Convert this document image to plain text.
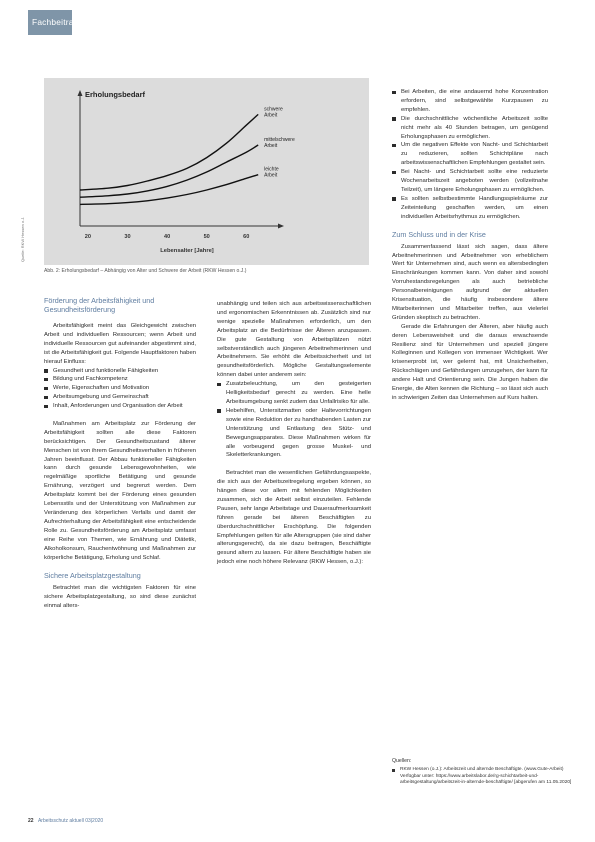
Fachbeitrag
Erholungsbedarf
20	30	40	50	60
Lebensalter [Jahre]
schwere Arbeit
mittelschwere Arbeit
leichte Arbeit
Quelle: RKW Hessen o.J.
Abb. 2: Erholungsbedarf – Abhängig von Alter und Schwere der Arbeit (RKW Hessen o.J.)
Förderung der Arbeitsfähigkeit und Gesundheitsförderung

Arbeitsfähigkeit meint das Gleichgewicht zwischen Arbeit und individuellen Ressourcen; wenn Arbeit und individuelle Ressourcen gut aufeinander abgestimmt sind, ist die Arbeitsfähigkeit gut. Folgende Hauptfaktoren haben hierauf Einfluss:

Gesundheit und funktionelle Fähigkeiten
Bildung und Fachkompetenz
Werte, Eigenschaften und Motivation
Arbeitsumgebung und Gemeinschaft
Inhalt, Anforderungen und Organisation der Arbeit

Maßnahmen am Arbeitsplatz zur Förderung der Arbeitsfähigkeit sollten alle diese Faktoren berücksichtigen. Der Gesundheitszustand älterer Menschen ist von ihrem Gesundheitsverhalten in früheren Jahren beeinflusst. Der Abbau funktioneller Fähigkeiten kann durch gesunde Lebensgewohnheiten, wie regelmäßige sportliche Betätigung und gesunde Ernährung, verzögert und begrenzt werden. Dem Arbeitsplatz kommt bei der Förderung eines gesunden Lebensstils und der Unterstützung von Maßnahmen zur Veränderung des körperlichen Verfalls und damit der Aufrechterhaltung der Arbeitsfähigkeit eine entscheidende Rolle zu. Gesundheitsförderung am Arbeitsplatz umfasst eine Reihe von Themen, wie Ernährung und Diätetik, Alkoholkonsum, Rauchentwöhnung und Maßnahmen zur körperliche Betätigung, Erholung und Schlaf.

Sichere Arbeitsplatzgestaltung

Betrachtet man die wichtigsten Faktoren für eine sichere Arbeitsplatzgestaltung, so sind diese zunächst einmal alters-

unabhängig und teilen sich aus arbeitswissenschaftlichen und ergonomischen Erkenntnissen ab. Zusätzlich sind nur wenige spezielle Maßnahmen erforderlich, um den Arbeitsplatz an die Bedürfnisse der Älteren anzupassen. Die gute Gestaltung von Arbeitsplätzen nützt selbstverständlich auch jüngeren Arbeitnehmerinnen und Arbeitnehmern. Sie erhöht die Arbeitssicherheit und ist gesundheitsförderlich. Mögliche Gestaltungselemente können dabei unter anderem sein:

Zusatzbeleuchtung, um den gesteigerten Helligkeitsbedarf gerecht zu werden. Eine helle Arbeitsumgebung senkt zudem das Unfallrisiko für alle.
Hebehilfen, Untersitzmatten oder Haltevorrichtungen sowie eine Reduktion der zu handhabenden Lasten zur Unterstützung und Entlastung des Stütz- und Bewegungsapparates. Diese Maßnahmen wirken für alle vorbeugend gegen grosse Muskel- und Skeletterkrankungen.

Betrachtet man die wesentlichen Gefährdungsaspekte, die sich aus der Arbeitszeitregelung ergeben können, so hängen diese vor allem mit fehlenden Möglichkeiten zusammen, sich die Arbeit selbst einzuteilen. Fehlende Pausen, sehr lange Arbeitstage und Daueraufmerksamkeit führen gerade bei älteren Beschäftigten zu überdurchschnittlicher Erschöpfung. Die folgenden Empfehlungen gelten für alle Altersgruppen (sie sind daher alterungsgerecht), da sie dazu beitragen, Beschäftigte gesund altern zu lassen. Für ältere Beschäftigte haben sie jedoch eine noch höhere Relevanz (RKW Hessen, o.J.):

Bei Arbeiten, die eine andauernd hohe Konzentration erfordern, sind selbstgewählte Kurzpausen zu empfehlen.
Die durchschnittliche wöchentliche Arbeitszeit sollte nicht mehr als 40 Stunden betragen, um genügend Erholungsphasen zu ermöglichen.
Um die negativen Effekte von Nacht- und Schichtarbeit zu reduzieren, sollten Schichtpläne nach arbeitswissenschaftlichen Empfehlungen gestaltet sein.
Bei Nacht- und Schichtarbeit sollte eine reduzierte Wochenarbeitszeit angeboten werden (vollzeitnahe Teilzeit), um längere Erholungsphasen zu ermöglichen.
Es sollten selbstbestimmte Handlungsspielräume zur Zeiteinteilung geschaffen werden, um einen individuellen Arbeitsrhythmus zu ermöglichen.
Zum Schluss und in der Krise

Zusammenfassend lässt sich sagen, dass ältere Arbeitnehmerinnen und Arbeitnehmer von erheblichem Wert für Unternehmen sind, auch wenn es altersbedingten Einschränkungen kommen kann. Von daher sind sowohl Vorruhestandsregelungen als auch betriebliche Personalbereinigungen aufgrund der aktuellen Krisensituation, die häufig insbesondere ältere Mitarbeiterinnen und Mitarbeiter treffen, aus vielerlei Gründen skeptisch zu betrachten.

Gerade die Erfahrungen der Älteren, aber häufig auch deren Lebensweisheit und die daraus erwachsende Resilienz sind für Unternehmen und speziell jüngere Kolleginnen und Kollegen von immenser Wichtigkeit. Wer krisenerprobt ist, wer gelernt hat, mit Unsicherheiten, Rückschlägen und Gefährdungen umzugehen, der kann für andere Halt und Orientierung sein. Die Jungen haben die Energie, die Alten kennen die Richtung – so lässt sich auch in schwierigen Zeiten das Unternehmen auf Kurs halten.

Quellen:
RKW Hessen (o.J.): Arbeitszeit und alternde Beschäftigte. (www.Gute-Arbeit) Verfügbar unter: https://www.arbeitslabor.de/rg-schichtarbeit-und-arbeitsgestaltung/arbeitszeit-in-alternde-beschäftigte/ [abgerufen am 11.05.2020]
22 Arbeitsschutz aktuell 03|2020
